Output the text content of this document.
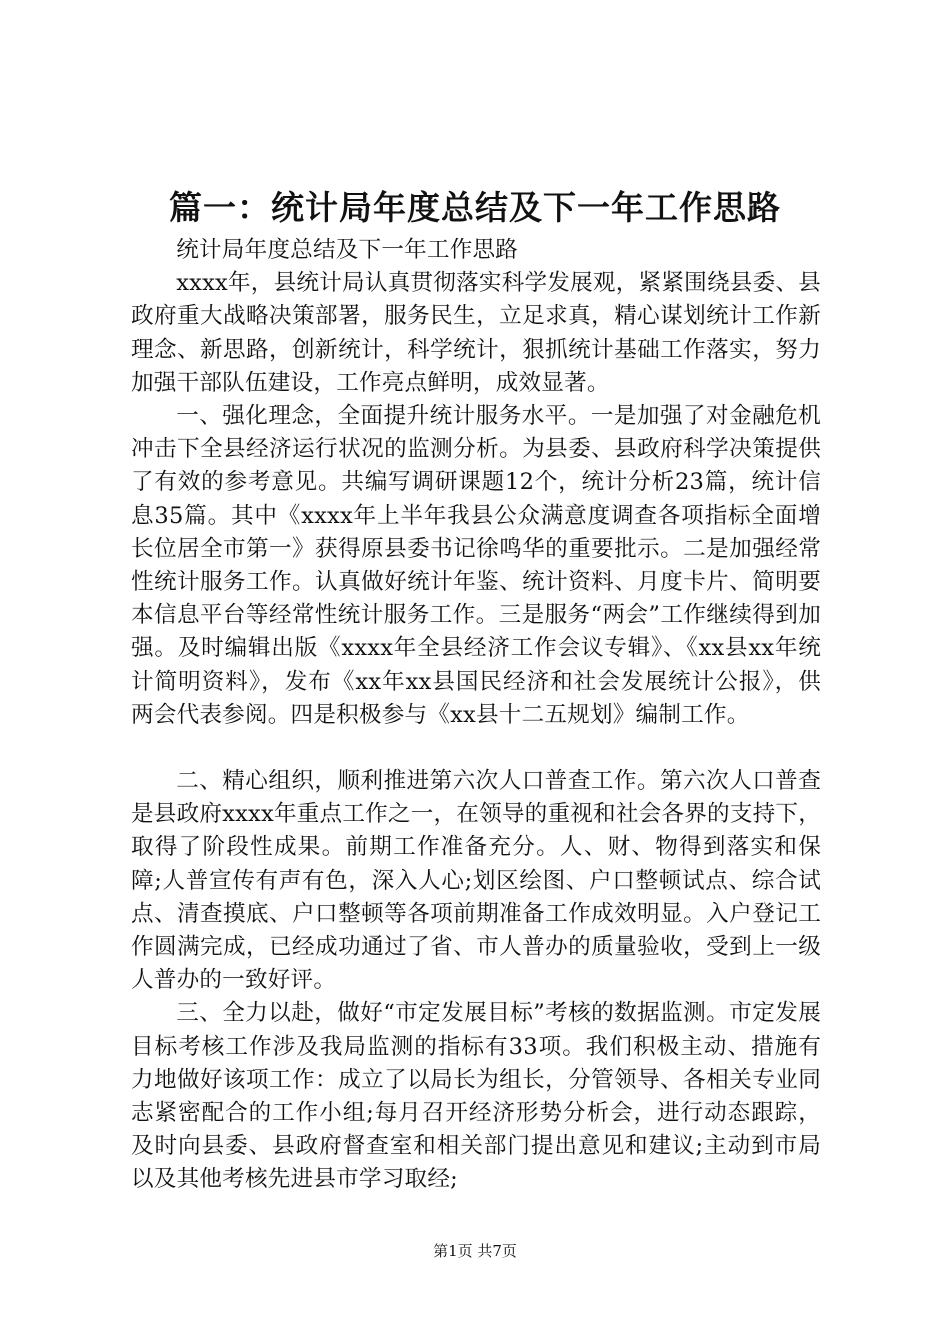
篇一：统计局年度总结及下一年工作思路

统计局年度总结及下一年工作思路

xxxx年，县统计局认真贯彻落实科学发展观，紧紧围绕县委、县政府重大战略决策部署，服务民生，立足求真，精心谋划统计工作新理念、新思路，创新统计，科学统计，狠抓统计基础工作落实，努力加强干部队伍建设，工作亮点鲜明，成效显著。

一、强化理念，全面提升统计服务水平。一是加强了对金融危机冲击下全县经济运行状况的监测分析。为县委、县政府科学决策提供了有效的参考意见。共编写调研课题12个，统计分析23篇，统计信息35篇。其中《xxxx年上半年我县公众满意度调查各项指标全面增长位居全市第一》获得原县委书记徐鸣华的重要批示。二是加强经常性统计服务工作。认真做好统计年鉴、统计资料、月度卡片、简明要本信息平台等经常性统计服务工作。三是服务“两会”工作继续得到加强。及时编辑出版《xxxx年全县经济工作会议专辑》、《xx县xx年统计简明资料》，发布《xx年xx县国民经济和社会发展统计公报》，供两会代表参阅。四是积极参与《xx县十二五规划》编制工作。

二、精心组织，顺利推进第六次人口普查工作。第六次人口普查是县政府xxxx年重点工作之一，在领导的重视和社会各界的支持下，取得了阶段性成果。前期工作准备充分。人、财、物得到落实和保障;人普宣传有声有色，深入人心;划区绘图、户口整顿试点、综合试点、清查摸底、户口整顿等各项前期准备工作成效明显。入户登记工作圆满完成，已经成功通过了省、市人普办的质量验收，受到上一级人普办的一致好评。

三、全力以赴，做好“市定发展目标”考核的数据监测。市定发展目标考核工作涉及我局监测的指标有33项。我们积极主动、措施有力地做好该项工作：成立了以局长为组长，分管领导、各相关专业同志紧密配合的工作小组;每月召开经济形势分析会，进行动态跟踪，及时向县委、县政府督查室和相关部门提出意见和建议;主动到市局以及其他考核先进县市学习取经;

第1页 共7页
